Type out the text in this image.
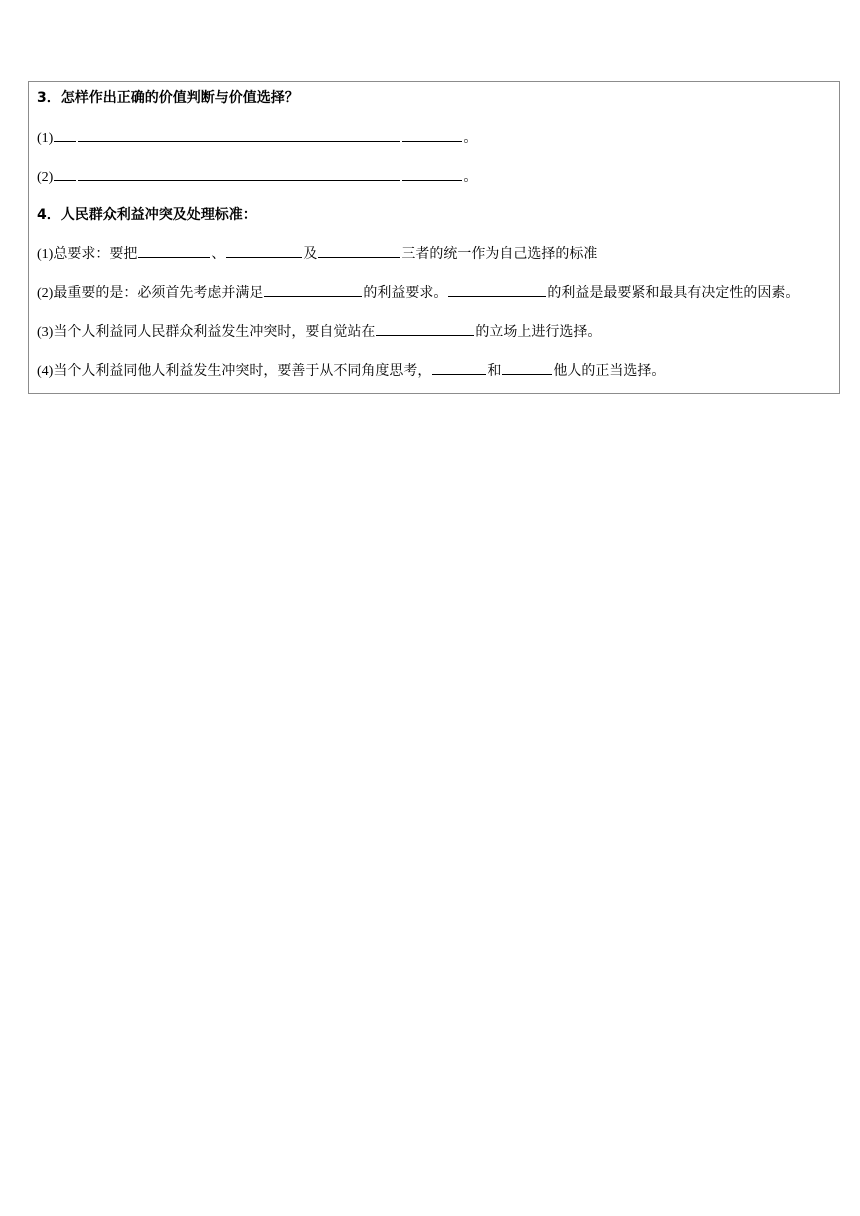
3．怎样作出正确的价值判断与价值选择？
(1)	。
(2)	。
4．人民群众利益冲突及处理标准：
(1)总要求：要把	、	及	三者的统一作为自己选择的标准
(2)最重要的是：必须首先考虑并满足	的利益要求。	的利益是最要紧和最具有决定性的因素。
(3)当个人利益同人民群众利益发生冲突时，要自觉站在	的立场上进行选择。
(4)当个人利益同他人利益发生冲突时，要善于从不同角度思考，	和	他人的正当选择。
